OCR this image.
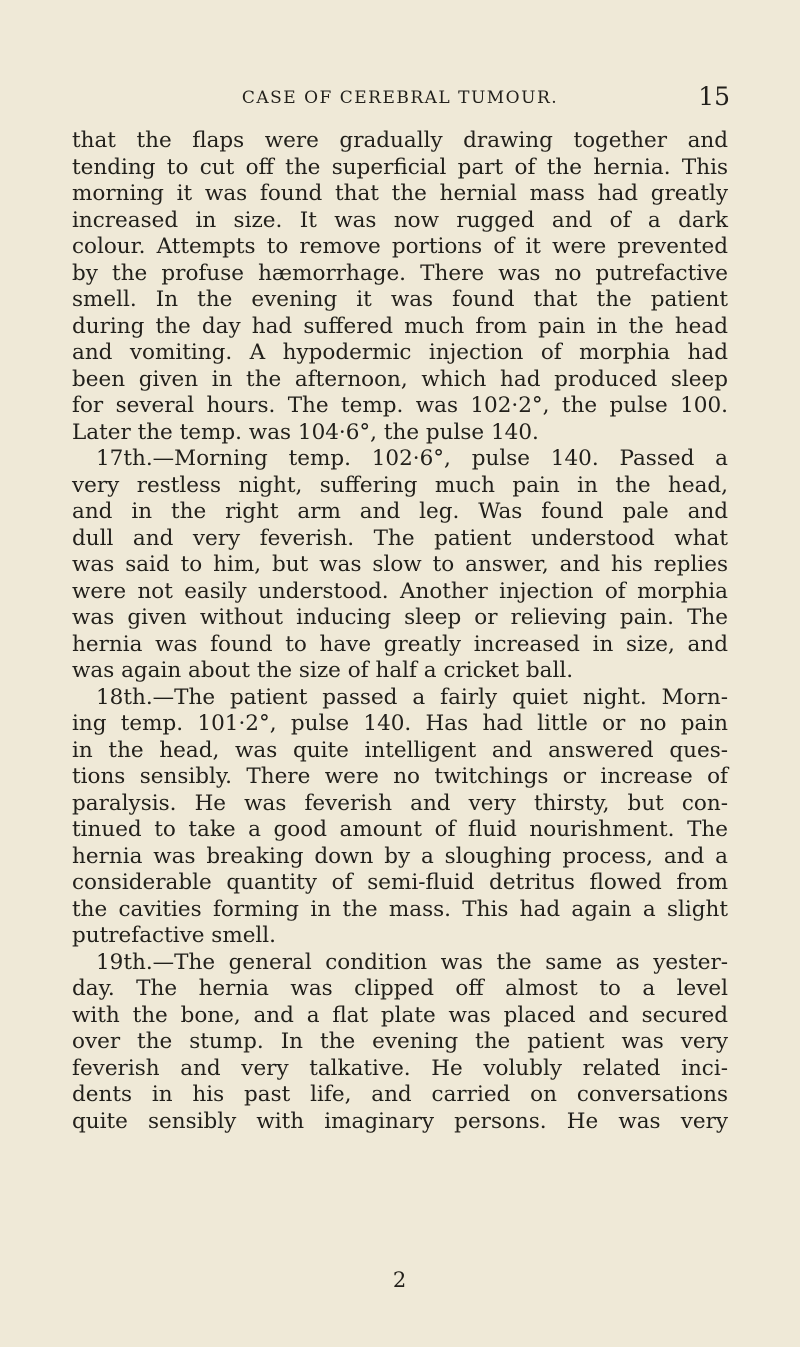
CASE OF CEREBRAL TUMOUR.	15

that the flaps were gradually drawing together and
tending to cut off the superficial part of the hernia. This
morning it was found that the hernial mass had greatly
increased in size. It was now rugged and of a dark
colour. Attempts to remove portions of it were prevented
by the profuse hæmorrhage. There was no putrefactive
smell. In the evening it was found that the patient
during the day had suffered much from pain in the head
and vomiting. A hypodermic injection of morphia had
been given in the afternoon, which had produced sleep
for several hours. The temp. was 102·2°, the pulse 100.
Later the temp. was 104·6°, the pulse 140.

17th.—Morning temp. 102·6°, pulse 140. Passed a
very restless night, suffering much pain in the head,
and in the right arm and leg. Was found pale and
dull and very feverish. The patient understood what
was said to him, but was slow to answer, and his replies
were not easily understood. Another injection of morphia
was given without inducing sleep or relieving pain. The
hernia was found to have greatly increased in size, and
was again about the size of half a cricket ball.

18th.—The patient passed a fairly quiet night. Morn-
ing temp. 101·2°, pulse 140. Has had little or no pain
in the head, was quite intelligent and answered ques-
tions sensibly. There were no twitchings or increase of
paralysis. He was feverish and very thirsty, but con-
tinued to take a good amount of fluid nourishment. The
hernia was breaking down by a sloughing process, and a
considerable quantity of semi-fluid detritus flowed from
the cavities forming in the mass. This had again a slight
putrefactive smell.

19th.—The general condition was the same as yester-
day. The hernia was clipped off almost to a level
with the bone, and a flat plate was placed and secured
over the stump. In the evening the patient was very
feverish and very talkative. He volubly related inci-
dents in his past life, and carried on conversations
quite sensibly with imaginary persons. He was very

2
